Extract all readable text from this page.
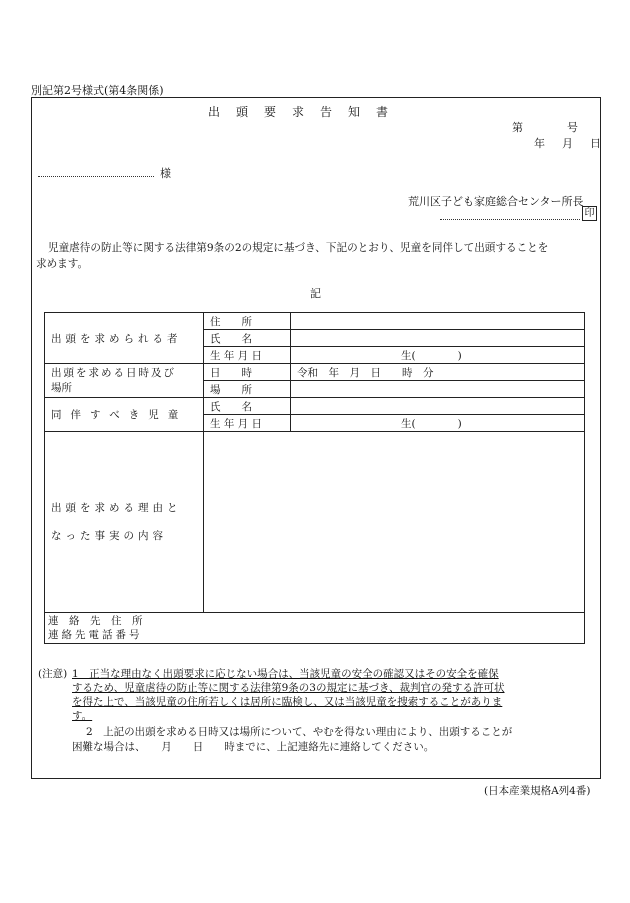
別記第2号様式(第4条関係)
出　頭　要　求　告　知　書
第　　　　号
年　月　日
様
荒川区子ども家庭総合センター所長
印
児童虐待の防止等に関する法律第9条の2の規定に基づき、下記のとおり、児童を同伴して出頭することを
求めます。
記
出頭を求められる者	住　　所	
	氏　　名	
	生 年 月 日	生(　　　　)

出頭を求める日時及び
場所	日　　時	令和　年　月　日　　時　分
	場　　所	
同伴すべき児童	氏　　名	
	生 年 月 日	生(　　　　)

出頭を求める理由と
なった事実の内容		

連　絡　先　住　所
連絡先電話番号		
(注意) 1　正当な理由なく出頭要求に応じない場合は、当該児童の安全の確認又はその安全を確保
するため、児童虐待の防止等に関する法律第9条の3の規定に基づき、裁判官の発する許可状
を得た上で、当該児童の住所若しくは居所に臨検し、又は当該児童を捜索することがありま
す。
2　上記の出頭を求める日時又は場所について、やむを得ない理由により、出頭することが
困難な場合は、　　月　　日　　時までに、上記連絡先に連絡してください。
(日本産業規格A列4番)
